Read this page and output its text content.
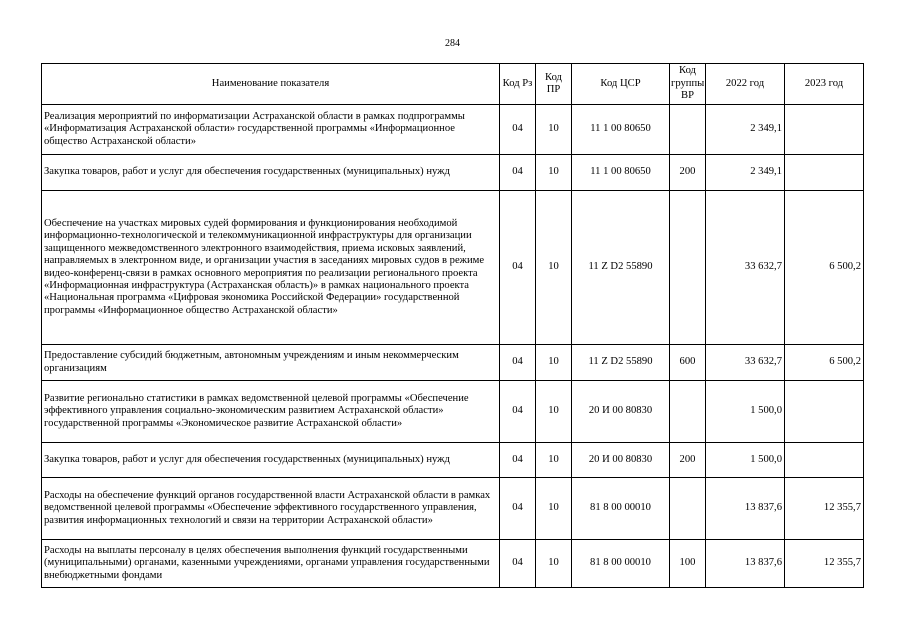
284
Наименование показателя	Код Рз	Код ПР	Код ЦСР	Код группы ВР	2022 год	2023 год
Реализация мероприятий по информатизации Астраханской области в рамках подпрограммы «Информатизация Астраханской области» государственной программы «Информационное общество Астраханской области»	04	10	11 1 00 80650		2 349,1	
Закупка товаров, работ и услуг для обеспечения государственных (муниципальных) нужд	04	10	11 1 00 80650	200	2 349,1	
Обеспечение на участках мировых судей формирования и функционирования необходимой информационно-технологической и телекоммуникационной инфраструктуры для организации защищенного межведомственного электронного взаимодействия, приема исковых заявлений, направляемых в электронном виде, и организации участия в заседаниях мировых судов в режиме видео-конференц-связи в рамках основного мероприятия по реализации регионального проекта «Информационная инфраструктура (Астраханская область)» в рамках национального проекта «Национальная программа «Цифровая экономика Российской Федерации» государственной программы «Информационное общество Астраханской области»	04	10	11 Z D2 55890		33 632,7	6 500,2
Предоставление субсидий бюджетным, автономным учреждениям и иным некоммерческим организациям	04	10	11 Z D2 55890	600	33 632,7	6 500,2
Развитие регионально статистики в рамках ведомственной целевой программы «Обеспечение эффективного управления социально-экономическим развитием Астраханской области» государственной программы «Экономическое развитие Астраханской области»	04	10	20 И 00 80830		1 500,0	
Закупка товаров, работ и услуг для обеспечения государственных (муниципальных) нужд	04	10	20 И 00 80830	200	1 500,0	
Расходы на обеспечение функций органов государственной власти Астраханской области в рамках ведомственной целевой программы «Обеспечение эффективного государственного управления, развития информационных технологий и связи на территории Астраханской области»	04	10	81 8 00 00010		13 837,6	12 355,7
Расходы на выплаты персоналу в целях обеспечения выполнения функций государственными (муниципальными) органами, казенными учреждениями, органами управления государственными внебюджетными фондами	04	10	81 8 00 00010	100	13 837,6	12 355,7
